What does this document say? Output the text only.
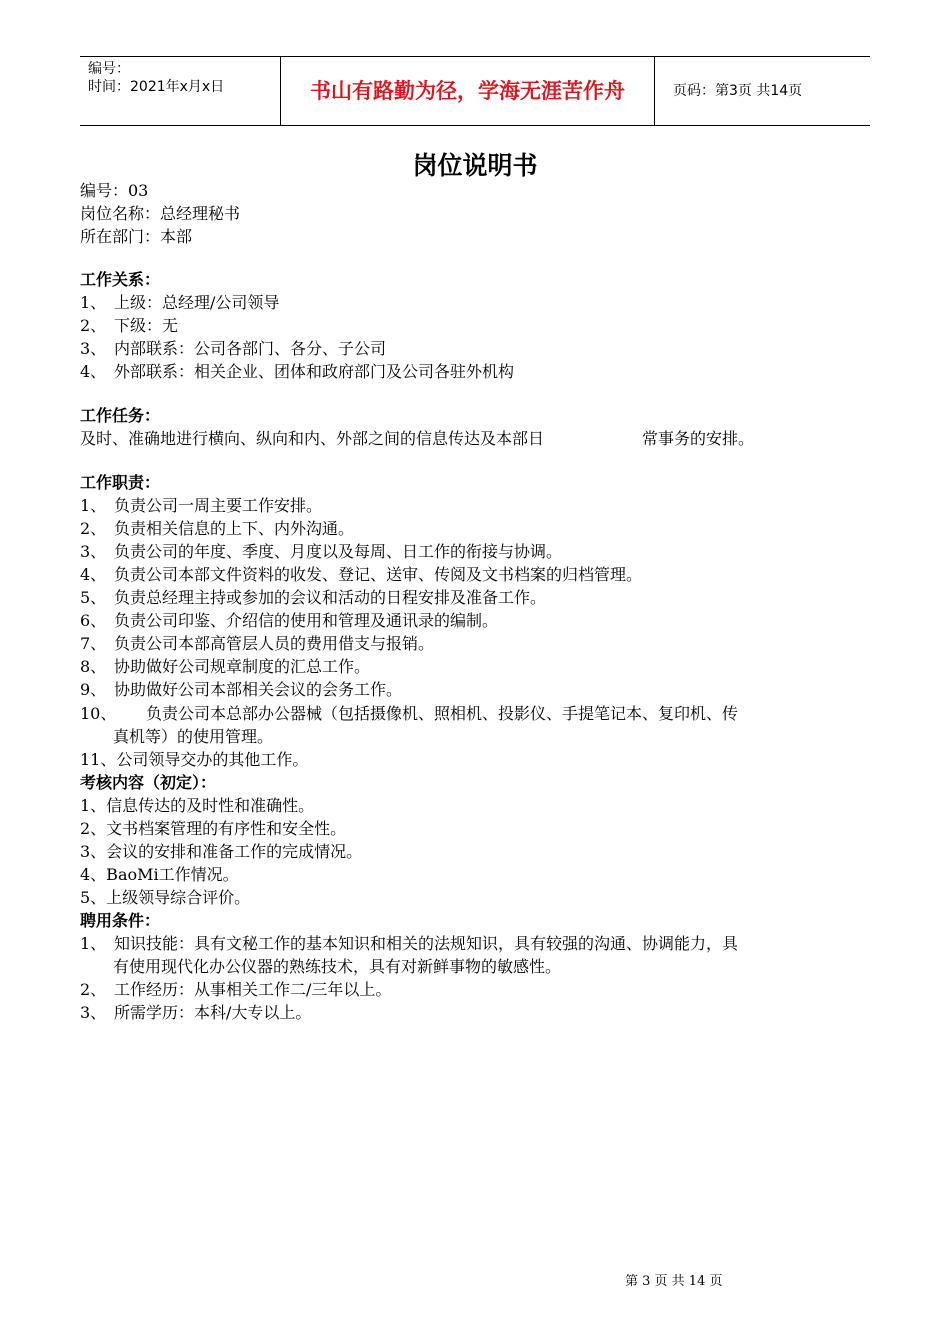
编号：
时间：2021年x月x日	书山有路勤为径，学海无涯苦作舟	页码：第3页 共14页
岗位说明书
编号：03
岗位名称：总经理秘书
所在部门：本部
工作关系：
1、 上级：总经理/公司领导
2、 下级：无
3、 内部联系：公司各部门、各分、子公司
4、 外部联系：相关企业、团体和政府部门及公司各驻外机构
工作任务：
及时、准确地进行横向、纵向和内、外部之间的信息传达及本部日	常事务的安排。
工作职责：
1、 负责公司一周主要工作安排。
2、 负责相关信息的上下、内外沟通。
3、 负责公司的年度、季度、月度以及每周、日工作的衔接与协调。
4、 负责公司本部文件资料的收发、登记、送审、传阅及文书档案的归档管理。
5、 负责总经理主持或参加的会议和活动的日程安排及准备工作。
6、 负责公司印鉴、介绍信的使用和管理及通讯录的编制。
7、 负责公司本部高管层人员的费用借支与报销。
8、 协助做好公司规章制度的汇总工作。
9、 协助做好公司本部相关会议的会务工作。
10、 负责公司本总部办公器械（包括摄像机、照相机、投影仪、手提笔记本、复印机、传
真机等）的使用管理。
11、公司领导交办的其他工作。
考核内容（初定）：
1、信息传达的及时性和准确性。
2、文书档案管理的有序性和安全性。
3、会议的安排和准备工作的完成情况。
4、BaoMi工作情况。
5、上级领导综合评价。
聘用条件：
1、 知识技能：具有文秘工作的基本知识和相关的法规知识，具有较强的沟通、协调能力，具
有使用现代化办公仪器的熟练技术，具有对新鲜事物的敏感性。
2、 工作经历：从事相关工作二/三年以上。
3、 所需学历：本科/大专以上。
第 3 页 共 14 页
